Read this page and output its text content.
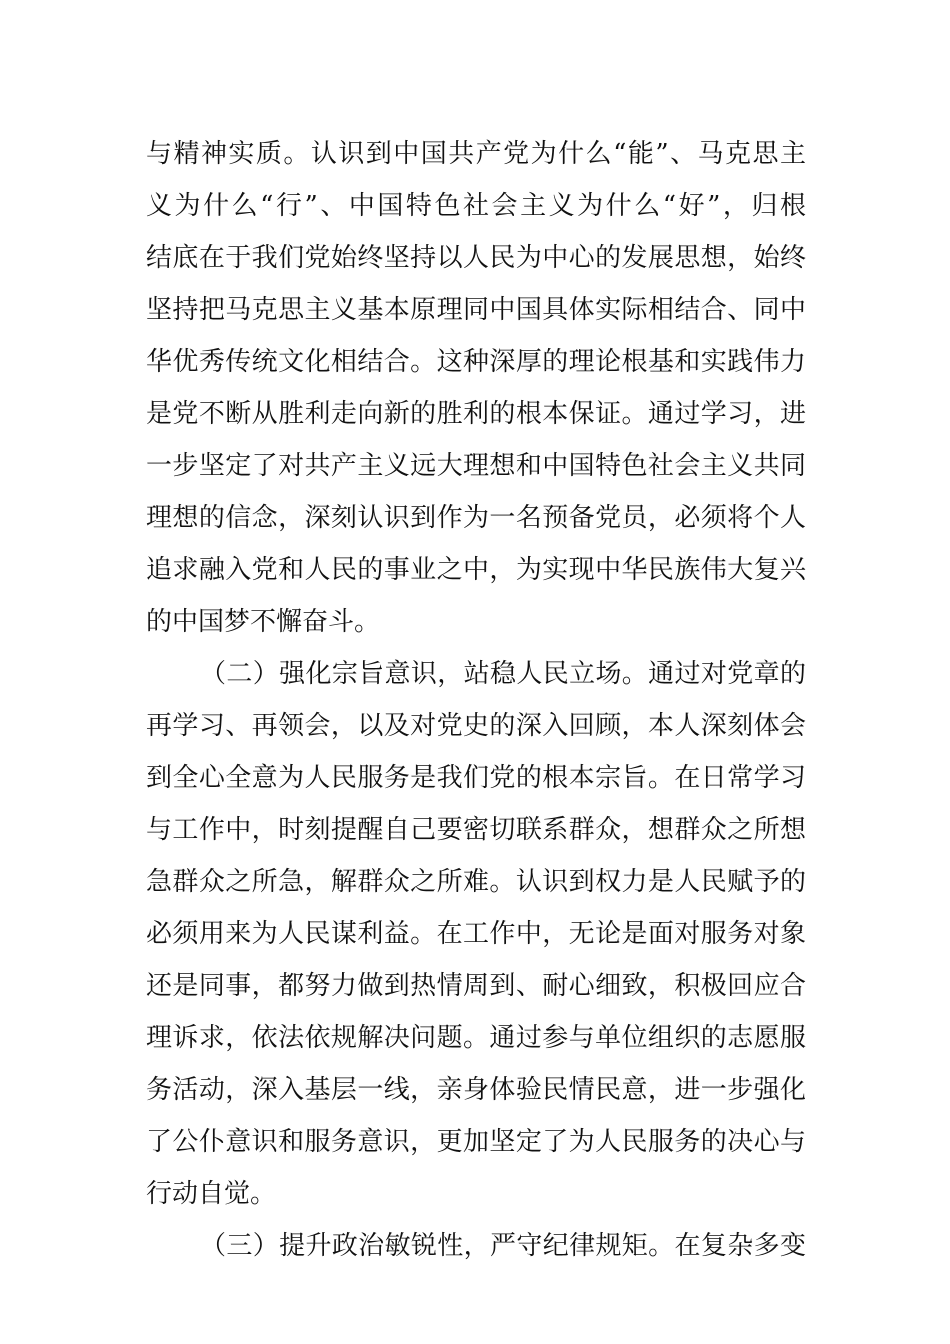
与精神实质。认识到中国共产党为什么“能”、马克思主
义为什么“行”、中国特色社会主义为什么“好”，归根
结底在于我们党始终坚持以人民为中心的发展思想，始终
坚持把马克思主义基本原理同中国具体实际相结合、同中
华优秀传统文化相结合。这种深厚的理论根基和实践伟力
是党不断从胜利走向新的胜利的根本保证。通过学习，进
一步坚定了对共产主义远大理想和中国特色社会主义共同
理想的信念，深刻认识到作为一名预备党员，必须将个人
追求融入党和人民的事业之中，为实现中华民族伟大复兴
的中国梦不懈奋斗。
（二）强化宗旨意识，站稳人民立场。通过对党章的
再学习、再领会，以及对党史的深入回顾，本人深刻体会
到全心全意为人民服务是我们党的根本宗旨。在日常学习
与工作中，时刻提醒自己要密切联系群众，想群众之所想
急群众之所急，解群众之所难。认识到权力是人民赋予的
必须用来为人民谋利益。在工作中，无论是面对服务对象
还是同事，都努力做到热情周到、耐心细致，积极回应合
理诉求，依法依规解决问题。通过参与单位组织的志愿服
务活动，深入基层一线，亲身体验民情民意，进一步强化
了公仆意识和服务意识，更加坚定了为人民服务的决心与
行动自觉。
（三）提升政治敏锐性，严守纪律规矩。在复杂多变
